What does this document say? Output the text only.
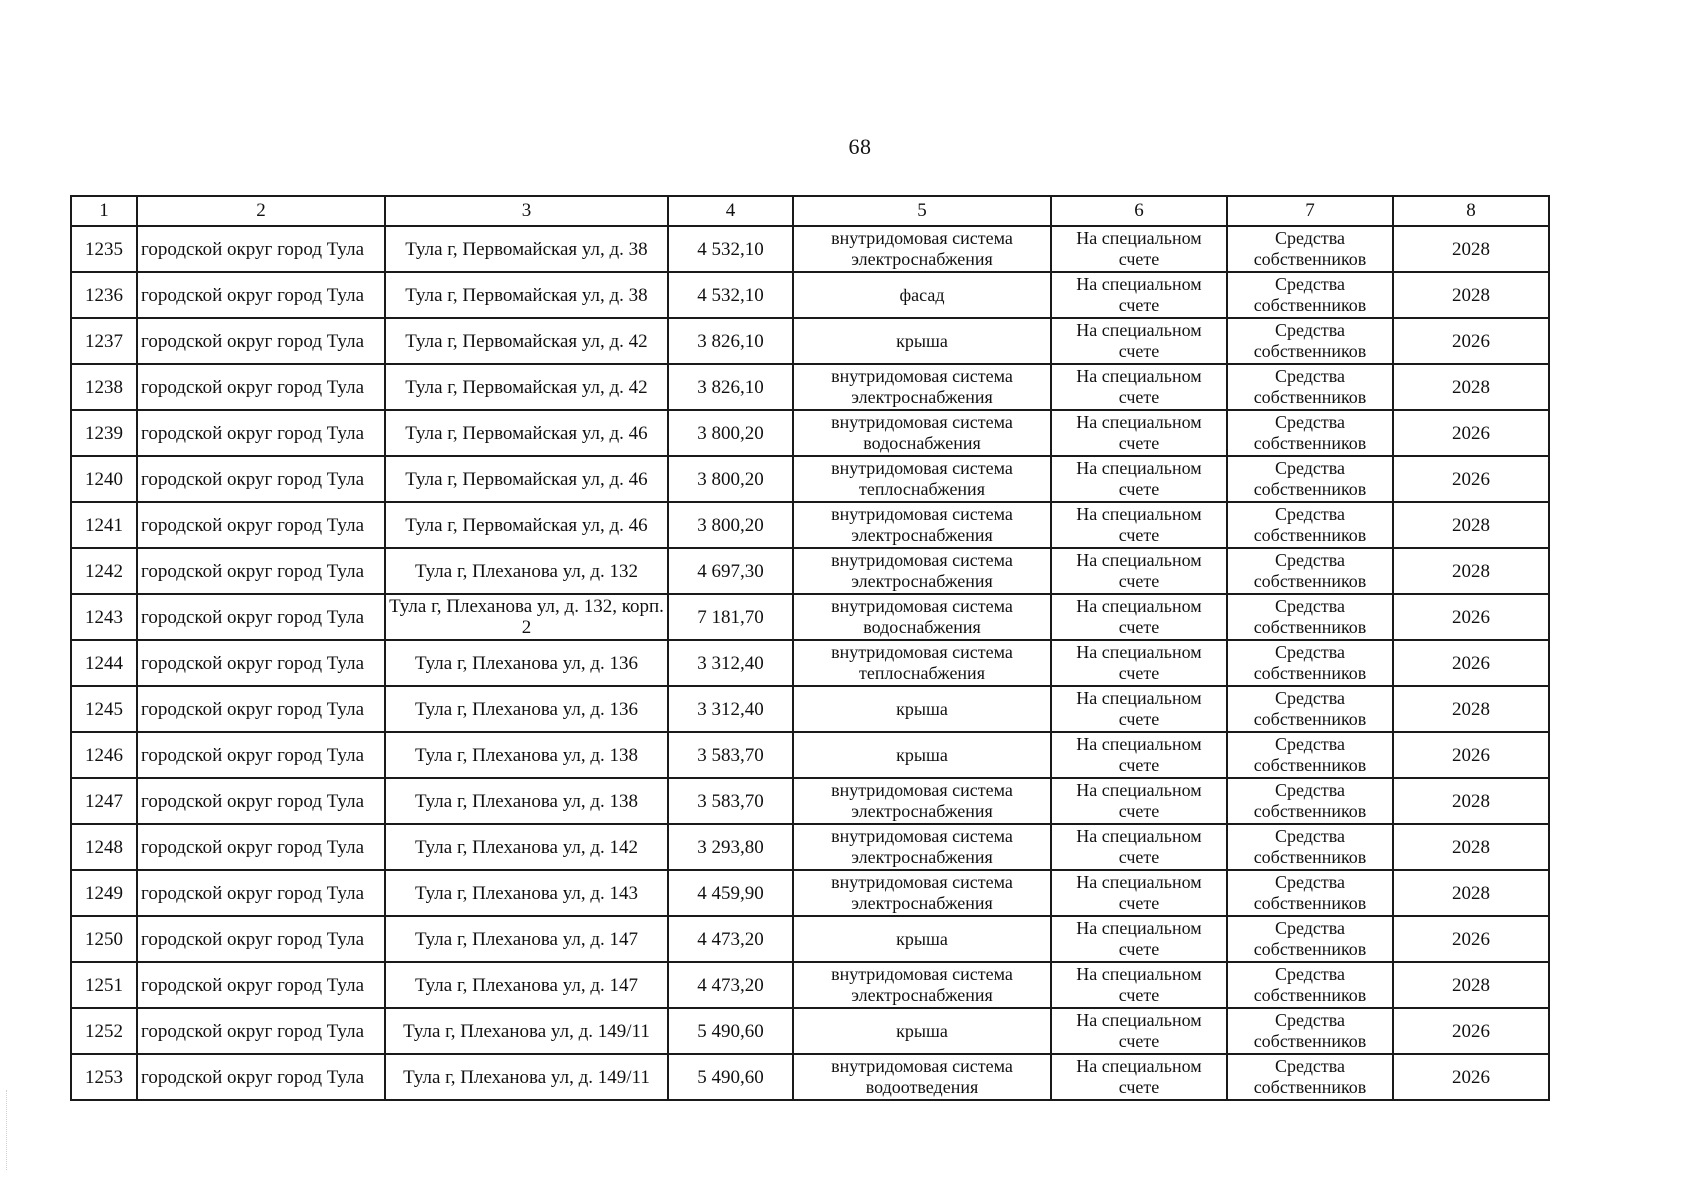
68
1	2	3	4	5	6	7	8
1235	городской округ город Тула	Тула г, Первомайская ул, д. 38	4 532,10	внутридомовая система электроснабжения	На специальном счете	Средства собственников	2028
1236	городской округ город Тула	Тула г, Первомайская ул, д. 38	4 532,10	фасад	На специальном счете	Средства собственников	2028
1237	городской округ город Тула	Тула г, Первомайская ул, д. 42	3 826,10	крыша	На специальном счете	Средства собственников	2026
1238	городской округ город Тула	Тула г, Первомайская ул, д. 42	3 826,10	внутридомовая система электроснабжения	На специальном счете	Средства собственников	2028
1239	городской округ город Тула	Тула г, Первомайская ул, д. 46	3 800,20	внутридомовая система водоснабжения	На специальном счете	Средства собственников	2026
1240	городской округ город Тула	Тула г, Первомайская ул, д. 46	3 800,20	внутридомовая система теплоснабжения	На специальном счете	Средства собственников	2026
1241	городской округ город Тула	Тула г, Первомайская ул, д. 46	3 800,20	внутридомовая система электроснабжения	На специальном счете	Средства собственников	2028
1242	городской округ город Тула	Тула г, Плеханова ул, д. 132	4 697,30	внутридомовая система электроснабжения	На специальном счете	Средства собственников	2028
1243	городской округ город Тула	Тула г, Плеханова ул, д. 132, корп. 2	7 181,70	внутридомовая система водоснабжения	На специальном счете	Средства собственников	2026
1244	городской округ город Тула	Тула г, Плеханова ул, д. 136	3 312,40	внутридомовая система теплоснабжения	На специальном счете	Средства собственников	2026
1245	городской округ город Тула	Тула г, Плеханова ул, д. 136	3 312,40	крыша	На специальном счете	Средства собственников	2028
1246	городской округ город Тула	Тула г, Плеханова ул, д. 138	3 583,70	крыша	На специальном счете	Средства собственников	2026
1247	городской округ город Тула	Тула г, Плеханова ул, д. 138	3 583,70	внутридомовая система электроснабжения	На специальном счете	Средства собственников	2028
1248	городской округ город Тула	Тула г, Плеханова ул, д. 142	3 293,80	внутридомовая система электроснабжения	На специальном счете	Средства собственников	2028
1249	городской округ город Тула	Тула г, Плеханова ул, д. 143	4 459,90	внутридомовая система электроснабжения	На специальном счете	Средства собственников	2028
1250	городской округ город Тула	Тула г, Плеханова ул, д. 147	4 473,20	крыша	На специальном счете	Средства собственников	2026
1251	городской округ город Тула	Тула г, Плеханова ул, д. 147	4 473,20	внутридомовая система электроснабжения	На специальном счете	Средства собственников	2028
1252	городской округ город Тула	Тула г, Плеханова ул, д. 149/11	5 490,60	крыша	На специальном счете	Средства собственников	2026
1253	городской округ город Тула	Тула г, Плеханова ул, д. 149/11	5 490,60	внутридомовая система водоотведения	На специальном счете	Средства собственников	2026
